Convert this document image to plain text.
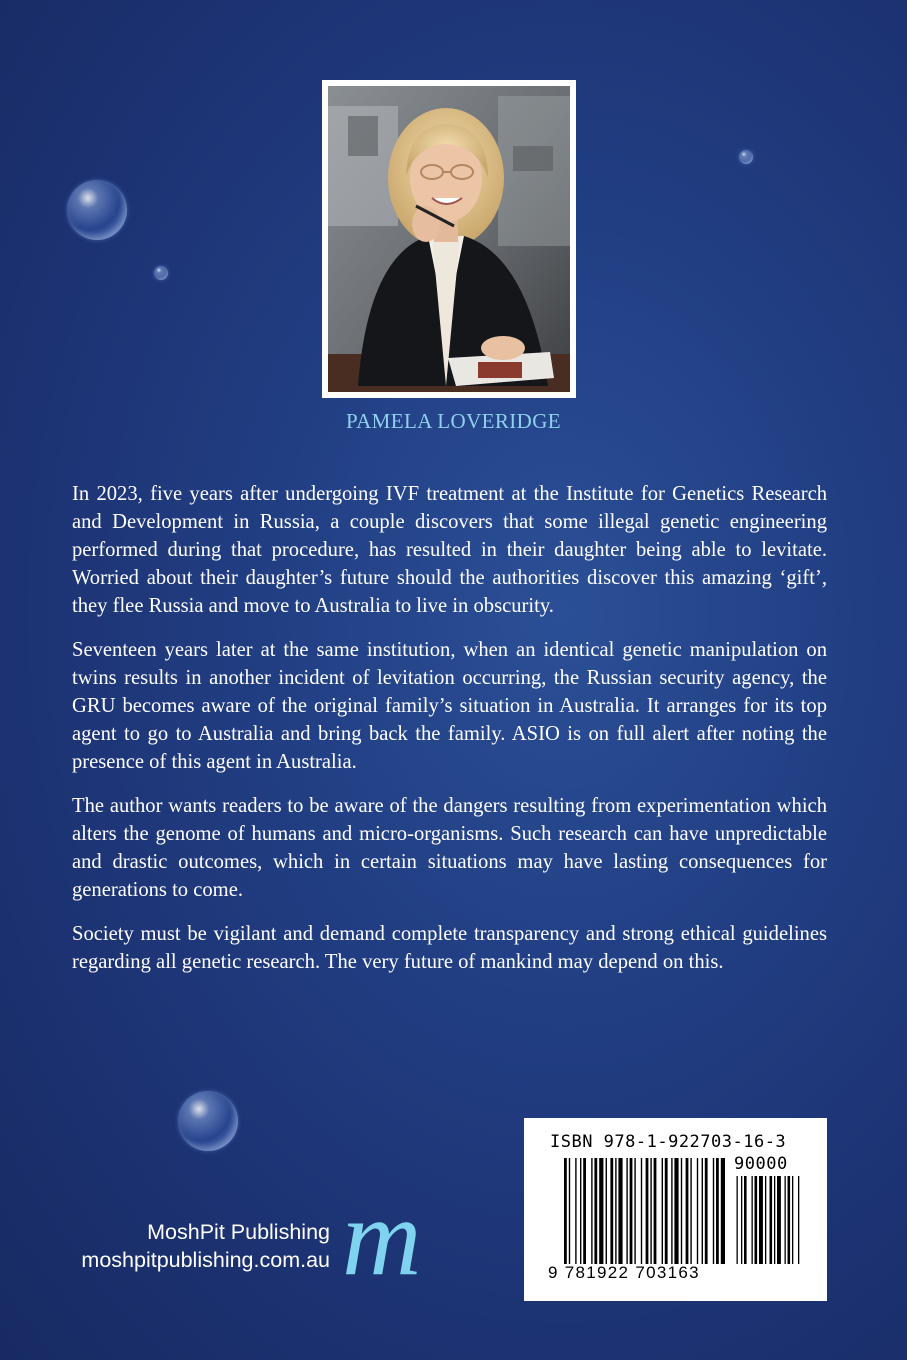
PAMELA LOVERIDGE

In 2023, five years after undergoing IVF treatment at the Institute for Genetics Research and Development in Russia, a couple discovers that some illegal genetic engineering performed during that procedure, has resulted in their daughter being able to levitate. Worried about their daughter’s future should the authorities discover this amazing ‘gift’, they flee Russia and move to Australia to live in obscurity.

Seventeen years later at the same institution, when an identical genetic manipulation on twins results in another incident of levitation occurring, the Russian security agency, the GRU becomes aware of the original family’s situation in Australia. It arranges for its top agent to go to Australia and bring back the family. ASIO is on full alert after noting the presence of this agent in Australia.

The author wants readers to be aware of the dangers resulting from experimentation which alters the genome of humans and micro-organisms. Such research can have unpredictable and drastic outcomes, which in certain situations may have lasting consequences for generations to come.

Society must be vigilant and demand complete transparency and strong ethical guidelines regarding all genetic research. The very future of mankind may depend on this.

MoshPit Publishing
moshpitpublishing.com.au m
ISBN 978-1-922703-16-3
90000
9 781922 703163
